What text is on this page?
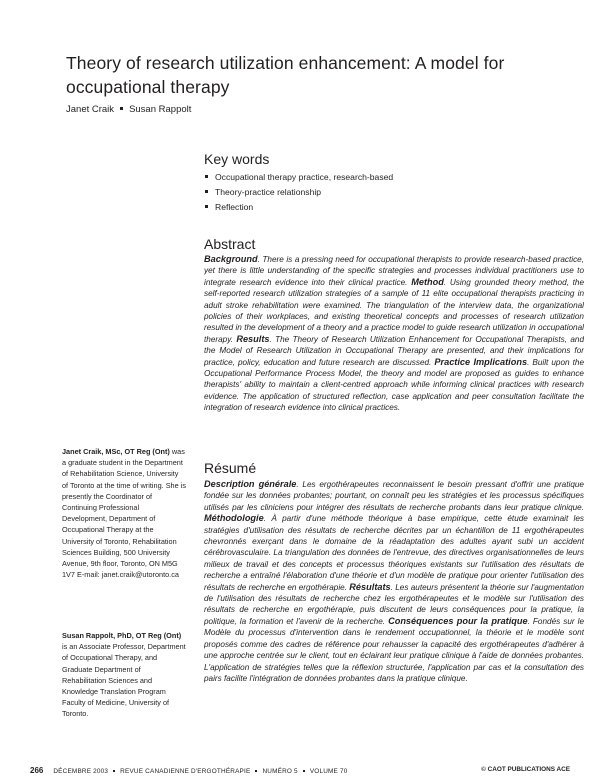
Theory of research utilization enhancement: A model for occupational therapy
Janet Craik Susan Rappolt
Key words
Occupational therapy practice, research-based
Theory-practice relationship
Reflection
Abstract
Background. There is a pressing need for occupational therapists to provide research-based practice, yet there is little understanding of the specific strategies and processes individual practitioners use to integrate research evidence into their clinical practice. Method. Using grounded theory method, the self-reported research utilization strategies of a sample of 11 elite occupational therapists practicing in adult stroke rehabilitation were examined. The triangulation of the interview data, the organizational policies of their workplaces, and existing theoretical concepts and processes of research utilization resulted in the development of a theory and a practice model to guide research utilization in occupational therapy. Results. The Theory of Research Utilization Enhancement for Occupational Therapists, and the Model of Research Utilization in Occupational Therapy are presented, and their implications for practice, policy, education and future research are discussed. Practice Implications. Built upon the Occupational Performance Process Model, the theory and model are proposed as guides to enhance therapists' ability to maintain a client-centred approach while informing clinical practices with research evidence. The application of structured reflection, case application and peer consultation facilitate the integration of research evidence into clinical practices.
Résumé
Description générale. Les ergothérapeutes reconnaissent le besoin pressant d'offrir une pratique fondée sur les données probantes; pourtant, on connaît peu les stratégies et les processus spécifiques utilisés par les cliniciens pour intégrer des résultats de recherche probants dans leur pratique clinique. Méthodologie. À partir d'une méthode théorique à base empirique, cette étude examinait les stratégies d'utilisation des résultats de recherche décrites par un échantillon de 11 ergothérapeutes chevronnés exerçant dans le domaine de la réadaptation des adultes ayant subi un accident cérébrovasculaire. La triangulation des données de l'entrevue, des directives organisationnelles de leurs milieux de travail et des concepts et processus théoriques existants sur l'utilisation des résultats de recherche a entraîné l'élaboration d'une théorie et d'un modèle de pratique pour orienter l'utilisation des résultats de recherche en ergothérapie. Résultats. Les auteurs présentent la théorie sur l'augmentation de l'utilisation des résultats de recherche chez les ergothérapeutes et le modèle sur l'utilisation des résultats de recherche en ergothérapie, puis discutent de leurs conséquences pour la pratique, la politique, la formation et l'avenir de la recherche. Conséquences pour la pratique. Fondés sur le Modèle du processus d'intervention dans le rendement occupationnel, la théorie et le modèle sont proposés comme des cadres de référence pour rehausser la capacité des ergothérapeutes d'adhérer à une approche centrée sur le client, tout en éclairant leur pratique clinique à l'aide de données probantes. L'application de stratégies telles que la réflexion structurée, l'application par cas et la consultation des pairs facilite l'intégration de données probantes dans la pratique clinique.
Janet Craik, MSc, OT Reg (Ont) was a graduate student in the Department of Rehabilitation Science, University of Toronto at the time of writing. She is presently the Coordinator of Continuing Professional Development, Department of Occupational Therapy at the University of Toronto, Rehabilitation Sciences Building, 500 University Avenue, 9th floor, Toronto, ON M5G 1V7 E-mail: janet.craik@utoronto.ca
Susan Rappolt, PhD, OT Reg (Ont) is an Associate Professor, Department of Occupational Therapy, and Graduate Department of Rehabilitation Sciences and Knowledge Translation Program Faculty of Medicine, University of Toronto.
266 DÉCEMBRE 2003 REVUE CANADIENNE D'ERGOTHÉRAPIE NUMÉRO 5 VOLUME 70	© CAOT PUBLICATIONS ACE
